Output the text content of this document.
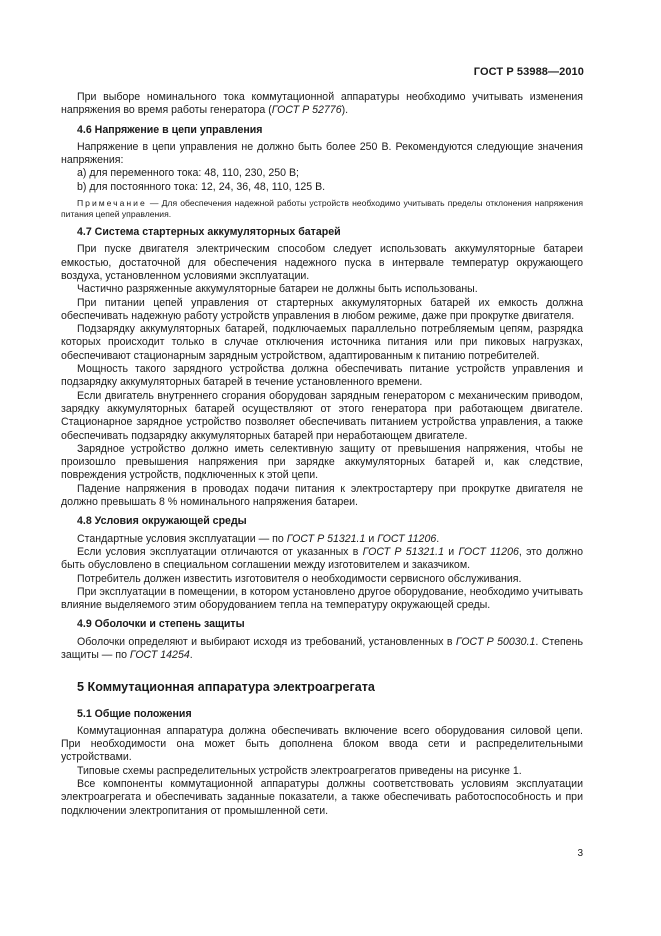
ГОСТ Р 53988—2010

При выборе номинального тока коммутационной аппаратуры необходимо учитывать изменения напряжения во время работы генератора (ГОСТ Р 52776).

4.6 Напряжение в цепи управления

Напряжение в цепи управления не должно быть более 250 В. Рекомендуются следующие значения напряжения:

а) для переменного тока: 48, 110, 230, 250 В;

b) для постоянного тока: 12, 24, 36, 48, 110, 125 В.

Примечание — Для обеспечения надежной работы устройств необходимо учитывать пределы отклонения напряжения питания цепей управления.

4.7 Система стартерных аккумуляторных батарей

При пуске двигателя электрическим способом следует использовать аккумуляторные батареи емкостью, достаточной для обеспечения надежного пуска в интервале температур окружающего воздуха, установленном условиями эксплуатации.

Частично разряженные аккумуляторные батареи не должны быть использованы.

При питании цепей управления от стартерных аккумуляторных батарей их емкость должна обеспечивать надежную работу устройств управления в любом режиме, даже при прокрутке двигателя.

Подзарядку аккумуляторных батарей, подключаемых параллельно потребляемым цепям, разрядка которых происходит только в случае отключения источника питания или при пиковых нагрузках, обеспечивают стационарным зарядным устройством, адаптированным к питанию потребителей.

Мощность такого зарядного устройства должна обеспечивать питание устройств управления и подзарядку аккумуляторных батарей в течение установленного времени.

Если двигатель внутреннего сгорания оборудован зарядным генератором с механическим приводом, зарядку аккумуляторных батарей осуществляют от этого генератора при работающем двигателе. Стационарное зарядное устройство позволяет обеспечивать питанием устройства управления, а также обеспечивать подзарядку аккумуляторных батарей при неработающем двигателе.

Зарядное устройство должно иметь селективную защиту от превышения напряжения, чтобы не произошло превышения напряжения при зарядке аккумуляторных батарей и, как следствие, повреждения устройств, подключенных к этой цепи.

Падение напряжения в проводах подачи питания к электростартеру при прокрутке двигателя не должно превышать 8 % номинального напряжения батареи.

4.8 Условия окружающей среды

Стандартные условия эксплуатации — по ГОСТ Р 51321.1 и ГОСТ 11206.

Если условия эксплуатации отличаются от указанных в ГОСТ Р 51321.1 и ГОСТ 11206, это должно быть обусловлено в специальном соглашении между изготовителем и заказчиком.

Потребитель должен известить изготовителя о необходимости сервисного обслуживания.

При эксплуатации в помещении, в котором установлено другое оборудование, необходимо учитывать влияние выделяемого этим оборудованием тепла на температуру окружающей среды.

4.9 Оболочки и степень защиты

Оболочки определяют и выбирают исходя из требований, установленных в ГОСТ Р 50030.1. Степень защиты — по ГОСТ 14254.

5 Коммутационная аппаратура электроагрегата
5.1 Общие положения

Коммутационная аппаратура должна обеспечивать включение всего оборудования силовой цепи. При необходимости она может быть дополнена блоком ввода сети и распределительными устройствами.

Типовые схемы распределительных устройств электроагрегатов приведены на рисунке 1.

Все компоненты коммутационной аппаратуры должны соответствовать условиям эксплуатации электроагрегата и обеспечивать заданные показатели, а также обеспечивать работоспособность и при подключении электропитания от промышленной сети.

3
